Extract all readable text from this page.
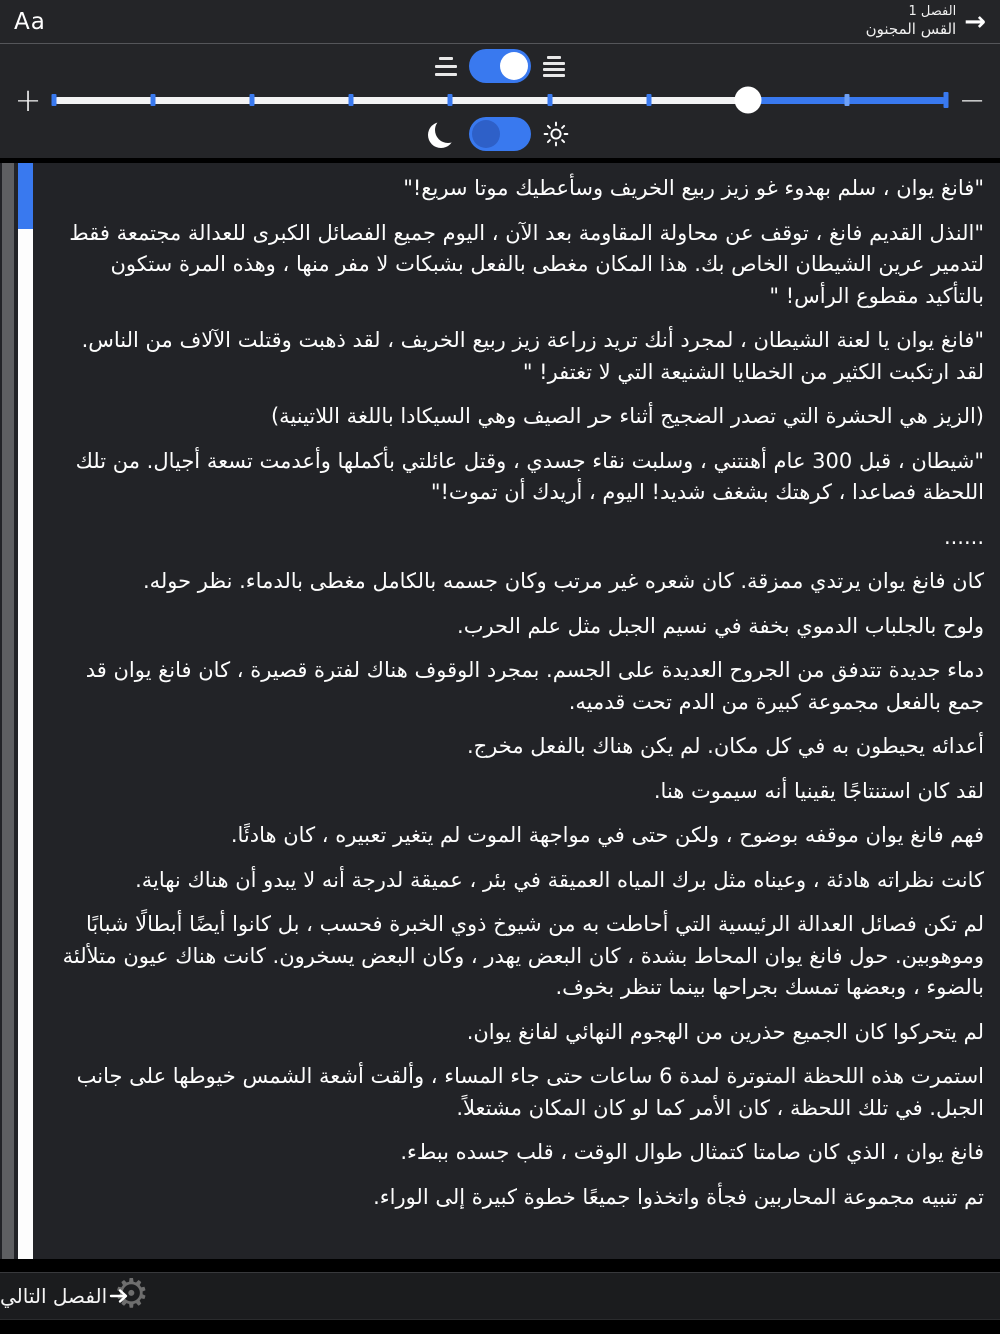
Aa	→
الفصل 1
القس المجنون
+	−

"فانغ يوان ، سلم بهدوء غو زيز ربيع الخريف وسأعطيك موتا سريع!"

"النذل القديم فانغ ، توقف عن محاولة المقاومة بعد الآن ، اليوم جميع الفصائل الكبرى للعدالة مجتمعة فقط لتدمير عرين الشيطان الخاص بك. هذا المكان مغطى بالفعل بشبكات لا مفر منها ، وهذه المرة ستكون بالتأكيد مقطوع الرأس! "

"فانغ يوان يا لعنة الشيطان ، لمجرد أنك تريد زراعة زيز ربيع الخريف ، لقد ذهبت وقتلت الآلاف من الناس. لقد ارتكبت الكثير من الخطايا الشنيعة التي لا تغتفر! "

(الزيز هي الحشرة التي تصدر الضجيج أثناء حر الصيف وهي السيكادا باللغة اللاتينية)

"شيطان ، قبل 300 عام أهنتني ، وسلبت نقاء جسدي ، وقتل عائلتي بأكملها وأعدمت تسعة أجيال. من تلك اللحظة فصاعدا ، كرهتك بشغف شديد! اليوم ، أريدك أن تموت!"

......

كان فانغ يوان يرتدي ممزقة. كان شعره غير مرتب وكان جسمه بالكامل مغطى بالدماء. نظر حوله.

ولوح بالجلباب الدموي بخفة في نسيم الجبل مثل علم الحرب.

دماء جديدة تتدفق من الجروح العديدة على الجسم. بمجرد الوقوف هناك لفترة قصيرة ، كان فانغ يوان قد جمع بالفعل مجموعة كبيرة من الدم تحت قدميه.

أعدائه يحيطون به في كل مكان. لم يكن هناك بالفعل مخرج.

لقد كان استنتاجًا يقينيا أنه سيموت هنا.

فهم فانغ يوان موقفه بوضوح ، ولكن حتى في مواجهة الموت لم يتغير تعبيره ، كان هادئًا.

كانت نظراته هادئة ، وعيناه مثل برك المياه العميقة في بئر ، عميقة لدرجة أنه لا يبدو أن هناك نهاية.

لم تكن فصائل العدالة الرئيسية التي أحاطت به من شيوخ ذوي الخبرة فحسب ، بل كانوا أيضًا أبطالًا شبابًا وموهوبين. حول فانغ يوان المحاط بشدة ، كان البعض يهدر ، وكان البعض يسخرون. كانت هناك عيون متلألئة بالضوء ، وبعضها تمسك بجراحها بينما تنظر بخوف.

لم يتحركوا كان الجميع حذرين من الهجوم النهائي لفانغ يوان.

استمرت هذه اللحظة المتوترة لمدة 6 ساعات حتى جاء المساء ، وألقت أشعة الشمس خيوطها على جانب الجبل. في تلك اللحظة ، كان الأمر كما لو كان المكان مشتعلاً.

فانغ يوان ، الذي كان صامتا كتمثال طوال الوقت ، قلب جسده ببطء.

تم تنبيه مجموعة المحاربين فجأة واتخذوا جميعًا خطوة كبيرة إلى الوراء.

⚙
الفصل التالي
